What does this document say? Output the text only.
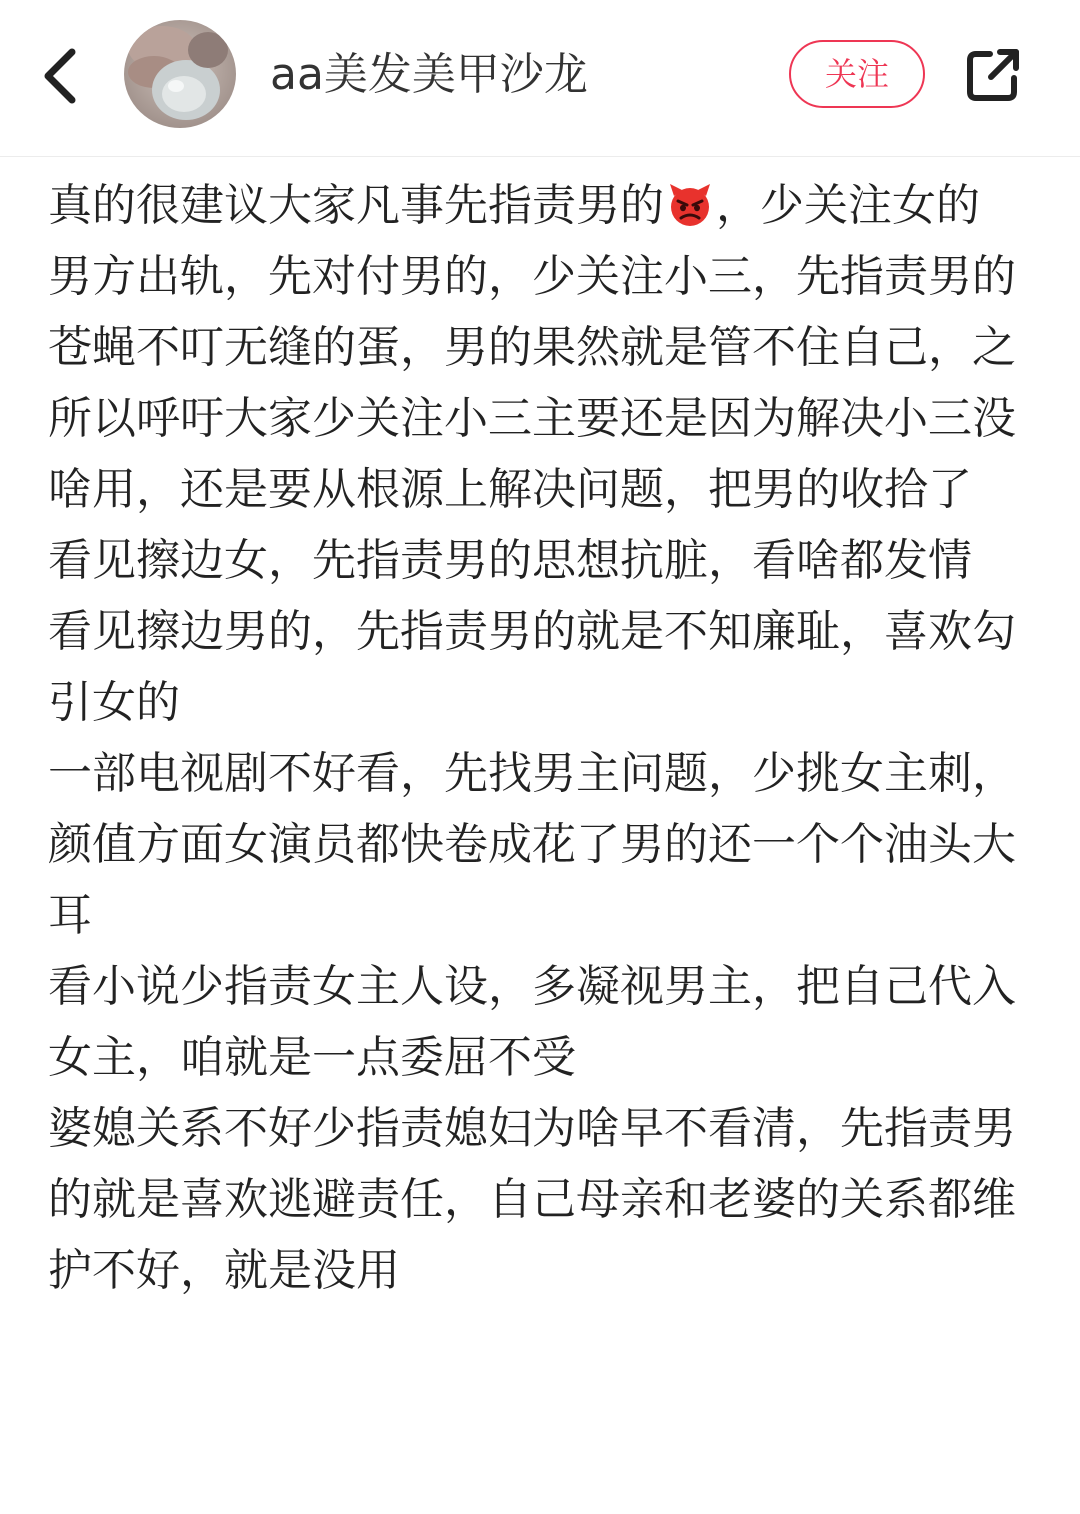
aa美发美甲沙龙	关注

真的很建议大家凡事先指责男的 ，少关注女的

男方出轨，先对付男的，少关注小三，先指责男的苍蝇不叮无缝的蛋，男的果然就是管不住自己，之所以呼吁大家少关注小三主要还是因为解决小三没啥用，还是要从根源上解决问题，把男的收拾了

看见擦边女，先指责男的思想抗脏，看啥都发情

看见擦边男的，先指责男的就是不知廉耻，喜欢勾引女的

一部电视剧不好看，先找男主问题，少挑女主刺，颜值方面女演员都快卷成花了男的还一个个油头大耳

看小说少指责女主人设，多凝视男主，把自己代入女主，咱就是一点委屈不受

婆媳关系不好少指责媳妇为啥早不看清，先指责男的就是喜欢逃避责任，自己母亲和老婆的关系都维护不好，就是没用
